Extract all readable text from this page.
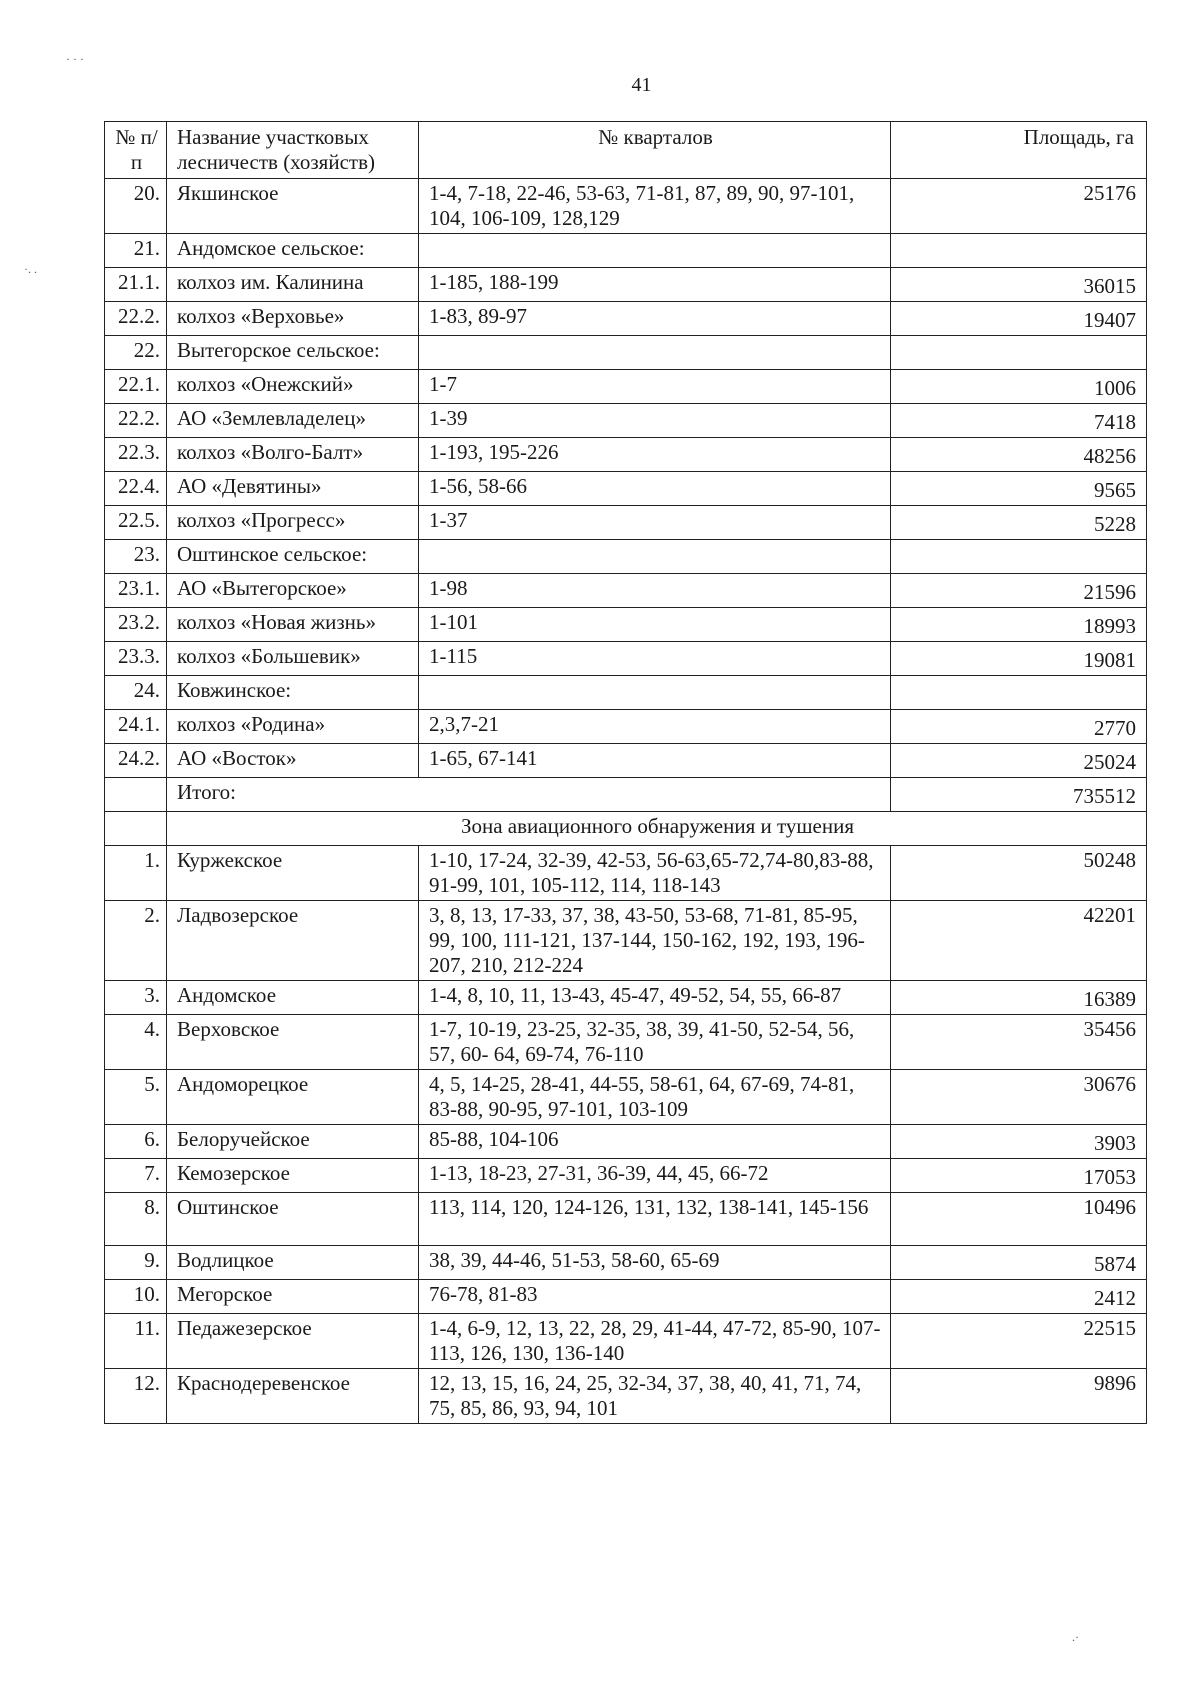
41
· · ·
·. .
.·
№ п/п	Название участковых лесничеств (хозяйств)	№ кварталов	Площадь, га
20.	Якшинское	1-4, 7-18, 22-46, 53-63, 71-81, 87, 89, 90, 97-101, 104, 106-109, 128,129	25176
21.	Андомское сельское:		
21.1.	колхоз им. Калинина	1-185, 188-199	36015
22.2.	колхоз «Верховье»	1-83, 89-97	19407
22.	Вытегорское сельское:		
22.1.	колхоз «Онежский»	1-7	1006
22.2.	АО «Землевладелец»	1-39	7418
22.3.	колхоз «Волго-Балт»	1-193, 195-226	48256
22.4.	АО «Девятины»	1-56, 58-66	9565
22.5.	колхоз «Прогресс»	1-37	5228
23.	Оштинское сельское:		
23.1.	АО «Вытегорское»	1-98	21596
23.2.	колхоз «Новая жизнь»	1-101	18993
23.3.	колхоз «Большевик»	1-115	19081
24.	Ковжинское:		
24.1.	колхоз «Родина»	2,3,7-21	2770
24.2.	АО «Восток»	1-65, 67-141	25024
	Итого:		735512
	Зона авиационного обнаружения и тушения		
1.	Куржекское	1-10, 17-24, 32-39, 42-53, 56-63,65-72,74-80,83-88, 91-99, 101, 105-112, 114, 118-143	50248
2.	Ладвозерское	3, 8, 13, 17-33, 37, 38, 43-50, 53-68, 71-81, 85-95, 99, 100, 111-121, 137-144, 150-162, 192, 193, 196-207, 210, 212-224	42201
3.	Андомское	1-4, 8, 10, 11, 13-43, 45-47, 49-52, 54, 55, 66-87	16389
4.	Верховское	1-7, 10-19, 23-25, 32-35, 38, 39, 41-50, 52-54, 56, 57, 60- 64, 69-74, 76-110	35456
5.	Андоморецкое	4, 5, 14-25, 28-41, 44-55, 58-61, 64, 67-69, 74-81, 83-88, 90-95, 97-101, 103-109	30676
6.	Белоручейское	85-88, 104-106	3903
7.	Кемозерское	1-13, 18-23, 27-31, 36-39, 44, 45, 66-72	17053
8.	Оштинское	113, 114, 120, 124-126, 131, 132, 138-141, 145-156	10496
9.	Водлицкое	38, 39, 44-46, 51-53, 58-60, 65-69	5874
10.	Мегорское	76-78, 81-83	2412
11.	Педажезерское	1-4, 6-9, 12, 13, 22, 28, 29, 41-44, 47-72, 85-90, 107-113, 126, 130, 136-140	22515
12.	Краснодеревенское	12, 13, 15, 16, 24, 25, 32-34, 37, 38, 40, 41, 71, 74, 75, 85, 86, 93, 94, 101	9896
